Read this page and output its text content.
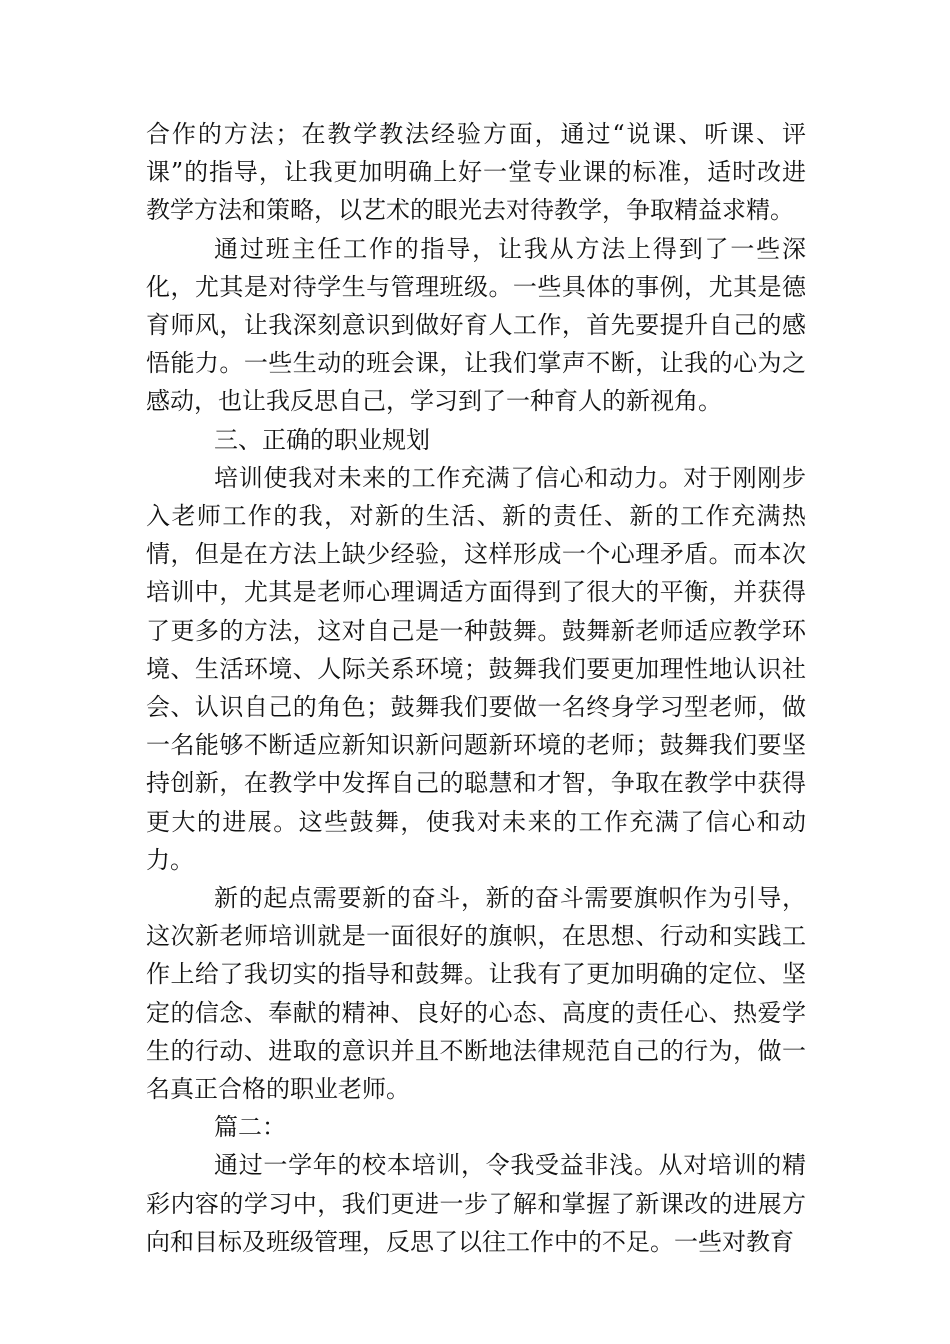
合作的方法；在教学教法经验方面，通过“说课、听课、评课”的指导，让我更加明确上好一堂专业课的标准，适时改进教学方法和策略，以艺术的眼光去对待教学，争取精益求精。

通过班主任工作的指导，让我从方法上得到了一些深化，尤其是对待学生与管理班级。一些具体的事例，尤其是德育师风，让我深刻意识到做好育人工作，首先要提升自己的感悟能力。一些生动的班会课，让我们掌声不断，让我的心为之感动，也让我反思自己，学习到了一种育人的新视角。

三、正确的职业规划

培训使我对未来的工作充满了信心和动力。对于刚刚步入老师工作的我，对新的生活、新的责任、新的工作充满热情，但是在方法上缺少经验，这样形成一个心理矛盾。而本次培训中，尤其是老师心理调适方面得到了很大的平衡，并获得了更多的方法，这对自己是一种鼓舞。鼓舞新老师适应教学环境、生活环境、人际关系环境；鼓舞我们要更加理性地认识社会、认识自己的角色；鼓舞我们要做一名终身学习型老师，做一名能够不断适应新知识新问题新环境的老师；鼓舞我们要坚持创新，在教学中发挥自己的聪慧和才智，争取在教学中获得更大的进展。这些鼓舞，使我对未来的工作充满了信心和动力。

新的起点需要新的奋斗，新的奋斗需要旗帜作为引导，这次新老师培训就是一面很好的旗帜，在思想、行动和实践工作上给了我切实的指导和鼓舞。让我有了更加明确的定位、坚定的信念、奉献的精神、良好的心态、高度的责任心、热爱学生的行动、进取的意识并且不断地法律规范自己的行为，做一名真正合格的职业老师。

篇二：

通过一学年的校本培训，令我受益非浅。从对培训的精彩内容的学习中，我们更进一步了解和掌握了新课改的进展方向和目标及班级管理，反思了以往工作中的不足。一些对教育
